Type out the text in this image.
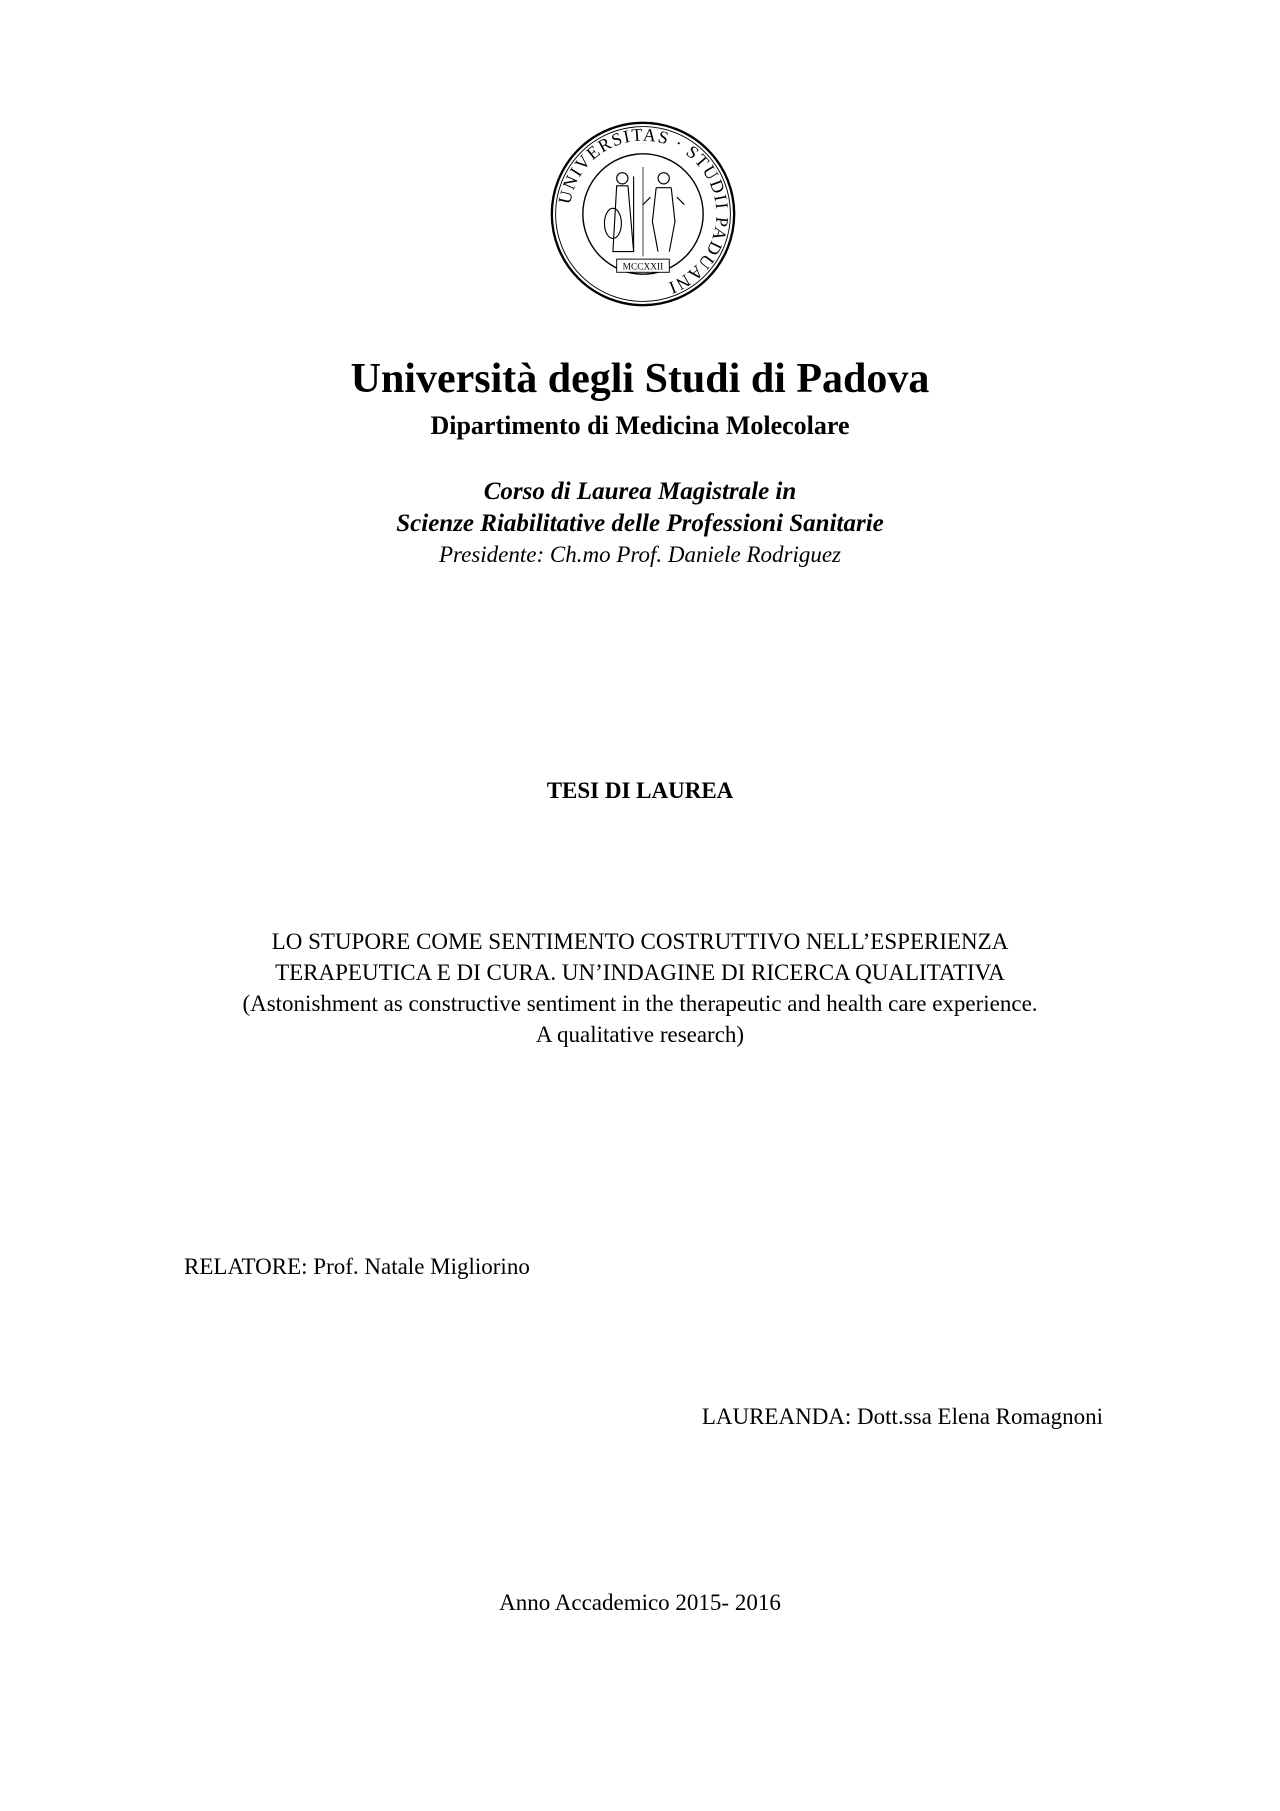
UNIVERSITAS · STUDII PADUANI
MCCXXII
Università degli Studi di Padova
Dipartimento di Medicina Molecolare
Corso di Laurea Magistrale in
Scienze Riabilitative delle Professioni Sanitarie
Presidente: Ch.mo Prof. Daniele Rodriguez
TESI DI LAUREA
LO STUPORE COME SENTIMENTO COSTRUTTIVO NELL’ESPERIENZA
TERAPEUTICA E DI CURA. UN’INDAGINE DI RICERCA QUALITATIVA
(Astonishment as constructive sentiment in the therapeutic and health care experience.
A qualitative research)
RELATORE: Prof. Natale Migliorino
LAUREANDA: Dott.ssa Elena Romagnoni
Anno Accademico 2015- 2016
